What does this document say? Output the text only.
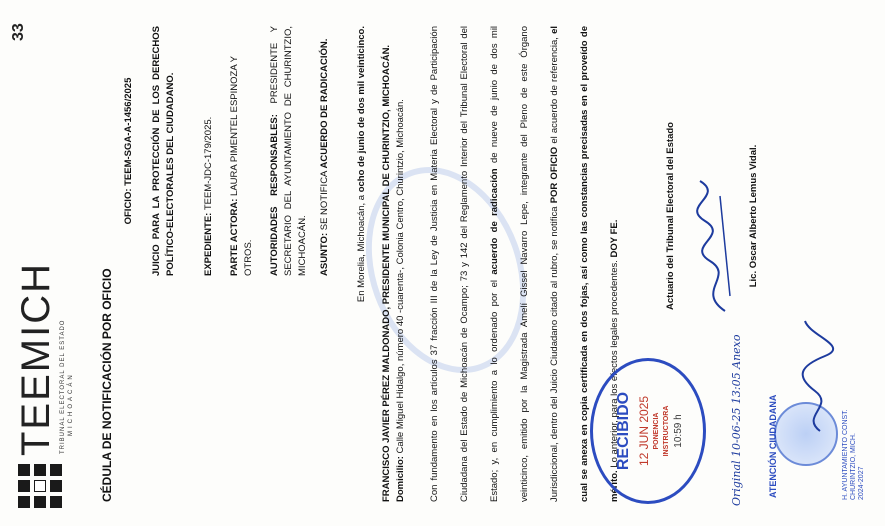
TEEMICH TRIBUNAL ELECTORAL DEL ESTADO MICHOACÁN
33
CÉDULA DE NOTIFICACIÓN POR OFICIO
OFICIO: TEEM-SGA-A-1456/2025 JUICIO PARA LA PROTECCIÓN DE LOS DERECHOS POLÍTICO-ELECTORALES DEL CIUDADANO.	EXPEDIENTE: TEEM-JDC-179/2025.
PARTE ACTORA: LAURA PIMENTEL ESPINOZA Y OTROS. AUTORIDADES RESPONSABLES: PRESIDENTE Y SECRETARIO DEL AYUNTAMIENTO DE CHURINTZIO, MICHOACÁN. ASUNTO: SE NOTIFICA ACUERDO DE RADICACIÓN.
En Morelia, Michoacán, a ocho de junio de dos mil veinticinco. FRANCISCO JAVIER PÉREZ MALDONADO, PRESIDENTE MUNICIPAL DE CHURINTZIO, MICHOACÁN. Domicilio: Calle Miguel Hidalgo, número 40 -cuarenta-, Colonia Centro, Churintzio, Michoacán.	Con fundamento en los artículos 37 fracción III de la Ley de Justicia en Materia Electoral y de Participación Ciudadana del Estado de Michoacán de Ocampo; 73 y 142 del Reglamento Interior del Tribunal Electoral del Estado; y, en cumplimiento a lo ordenado por el acuerdo de radicación de nueve de junio de dos mil veinticinco, emitido por la Magistrada Amelí Gissel Navarro Lepe, integrante del Pleno de este Órgano Jurisdiccional, dentro del Juicio Ciudadano citado al rubro, se notifica POR OFICIO el acuerdo de referencia, el cual se anexa en copia certificada en dos fojas, así como las constancias precisadas en el proveído de mérito. Lo anterior, para los efectos legales procedentes. DOY FE.
RECIBIDO 12 JUN 2025 PONENCIA INSTRUCTORA 10:59 h
Actuario del Tribunal Electoral del Estado	Lic. Oscar Alberto Lemus Vidal.
Original 10-06-25 13:05 Anexo	ATENCIÓN CIUDADANA	H. AYUNTAMIENTO CONST. CHURINTZIO, MICH. 2024-2027
